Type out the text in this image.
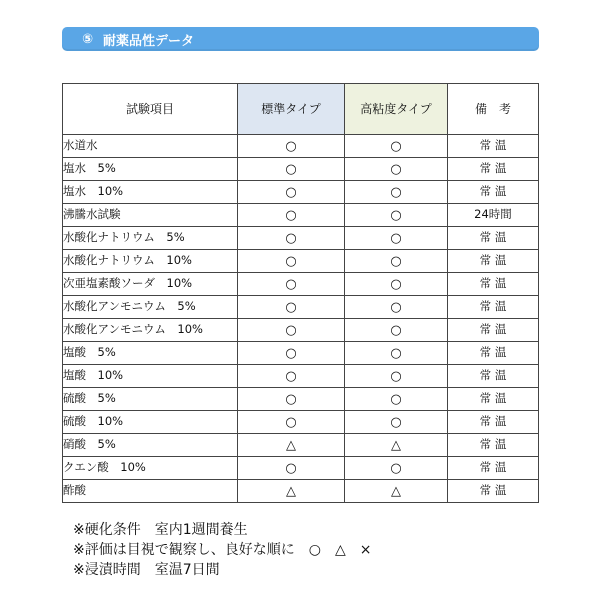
⑤ 耐薬品性データ
試験項目	標準タイプ	高粘度タイプ	備　考
水道水	○	○	常 温
塩水　5%	○	○	常 温
塩水　10%	○	○	常 温
沸騰水試験	○	○	24時間
水酸化ナトリウム　5%	○	○	常 温
水酸化ナトリウム　10%	○	○	常 温
次亜塩素酸ソーダ　10%	○	○	常 温
水酸化アンモニウム　5%	○	○	常 温
水酸化アンモニウム　10%	○	○	常 温
塩酸　5%	○	○	常 温
塩酸　10%	○	○	常 温
硫酸　5%	○	○	常 温
硫酸　10%	○	○	常 温
硝酸　5%	△	△	常 温
クエン酸　10%	○	○	常 温
酢酸	△	△	常 温
※硬化条件　室内1週間養生
※評価は目視で観察し、良好な順に　○　△　×
※浸漬時間　室温7日間
